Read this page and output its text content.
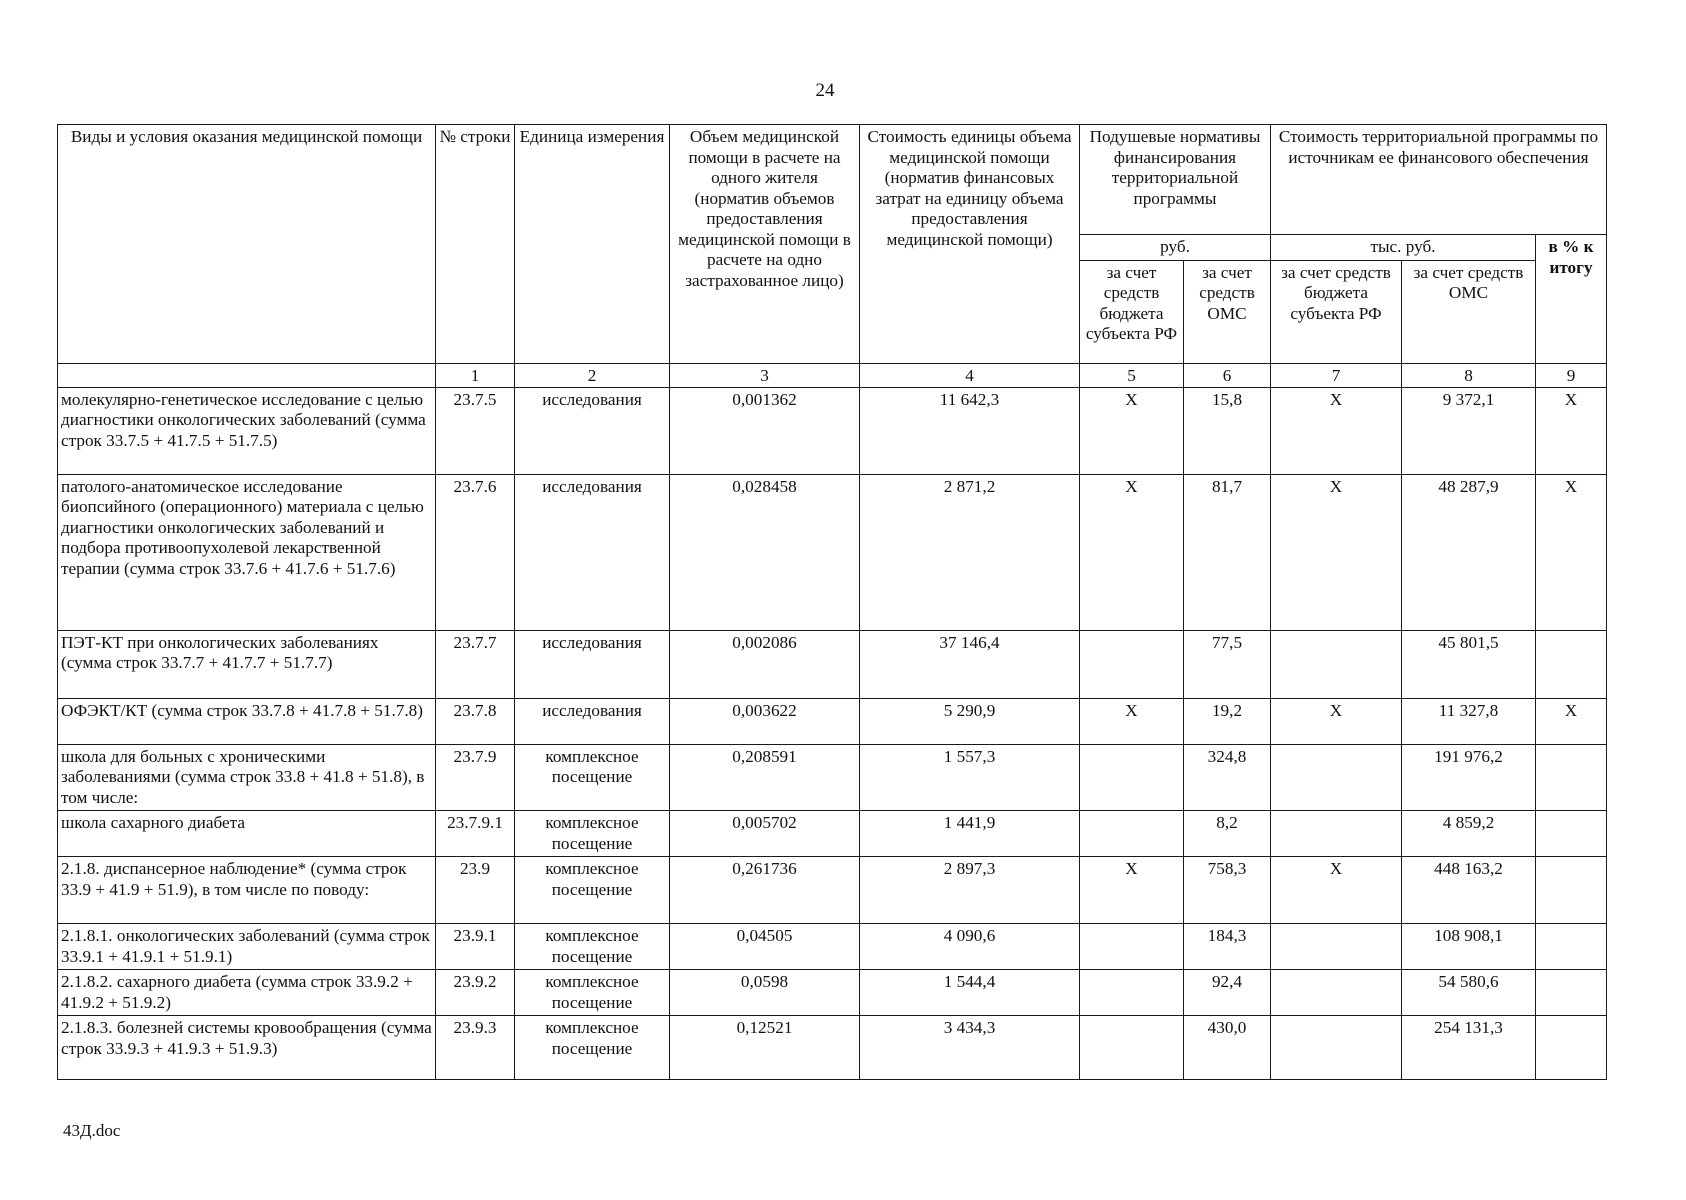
24
Виды и условия оказания медицинской помощи	№ строки	Единица измерения	Объем медицинской помощи в расчете на одного жителя (норматив объемов предоставления медицинской помощи в расчете на одно застрахованное лицо)	Стоимость единицы объема медицинской помощи (норматив финансовых затрат на единицу объема предоставления медицинской помощи)	Подушевые нормативы финансирования территориальной программы		Стоимость территориальной программы по источникам ее финансового обеспечения		
					руб.		тыс. руб.		в % к итогу
					за счет средств бюджета субъекта РФ	за счет средств ОМС	за счет средств бюджета субъекта РФ	за счет средств ОМС	
	1	2	3	4	5	6	7	8	9
молекулярно-генетическое исследование с целью диагностики онкологических заболеваний (сумма строк 33.7.5 + 41.7.5 + 51.7.5)	23.7.5	исследования	0,001362	11 642,3	X	15,8	X	9 372,1	X
патолого-анатомическое исследование биопсийного (операционного) материала с целью диагностики онкологических заболеваний и подбора противоопухолевой лекарственной терапии (сумма строк 33.7.6 + 41.7.6 + 51.7.6)	23.7.6	исследования	0,028458	2 871,2	X	81,7	X	48 287,9	X
ПЭТ-КТ при онкологических заболеваниях (сумма строк 33.7.7 + 41.7.7 + 51.7.7)	23.7.7	исследования	0,002086	37 146,4		77,5		45 801,5	
ОФЭКТ/КТ (сумма строк 33.7.8 + 41.7.8 + 51.7.8)	23.7.8	исследования	0,003622	5 290,9	X	19,2	X	11 327,8	X
школа для больных с хроническими заболеваниями (сумма строк 33.8 + 41.8 + 51.8), в том числе:	23.7.9	комплексное посещение	0,208591	1 557,3		324,8		191 976,2	
школа сахарного диабета	23.7.9.1	комплексное посещение	0,005702	1 441,9		8,2		4 859,2	
2.1.8. диспансерное наблюдение* (сумма строк 33.9 + 41.9 + 51.9), в том числе по поводу:	23.9	комплексное посещение	0,261736	2 897,3	X	758,3	X	448 163,2	
2.1.8.1. онкологических заболеваний (сумма строк 33.9.1 + 41.9.1 + 51.9.1)	23.9.1	комплексное посещение	0,04505	4 090,6		184,3		108 908,1	
2.1.8.2. сахарного диабета (сумма строк 33.9.2 + 41.9.2 + 51.9.2)	23.9.2	комплексное посещение	0,0598	1 544,4		92,4		54 580,6	
2.1.8.3. болезней системы кровообращения (сумма строк 33.9.3 + 41.9.3 + 51.9.3)	23.9.3	комплексное посещение	0,12521	3 434,3		430,0		254 131,3	
43Д.doc
